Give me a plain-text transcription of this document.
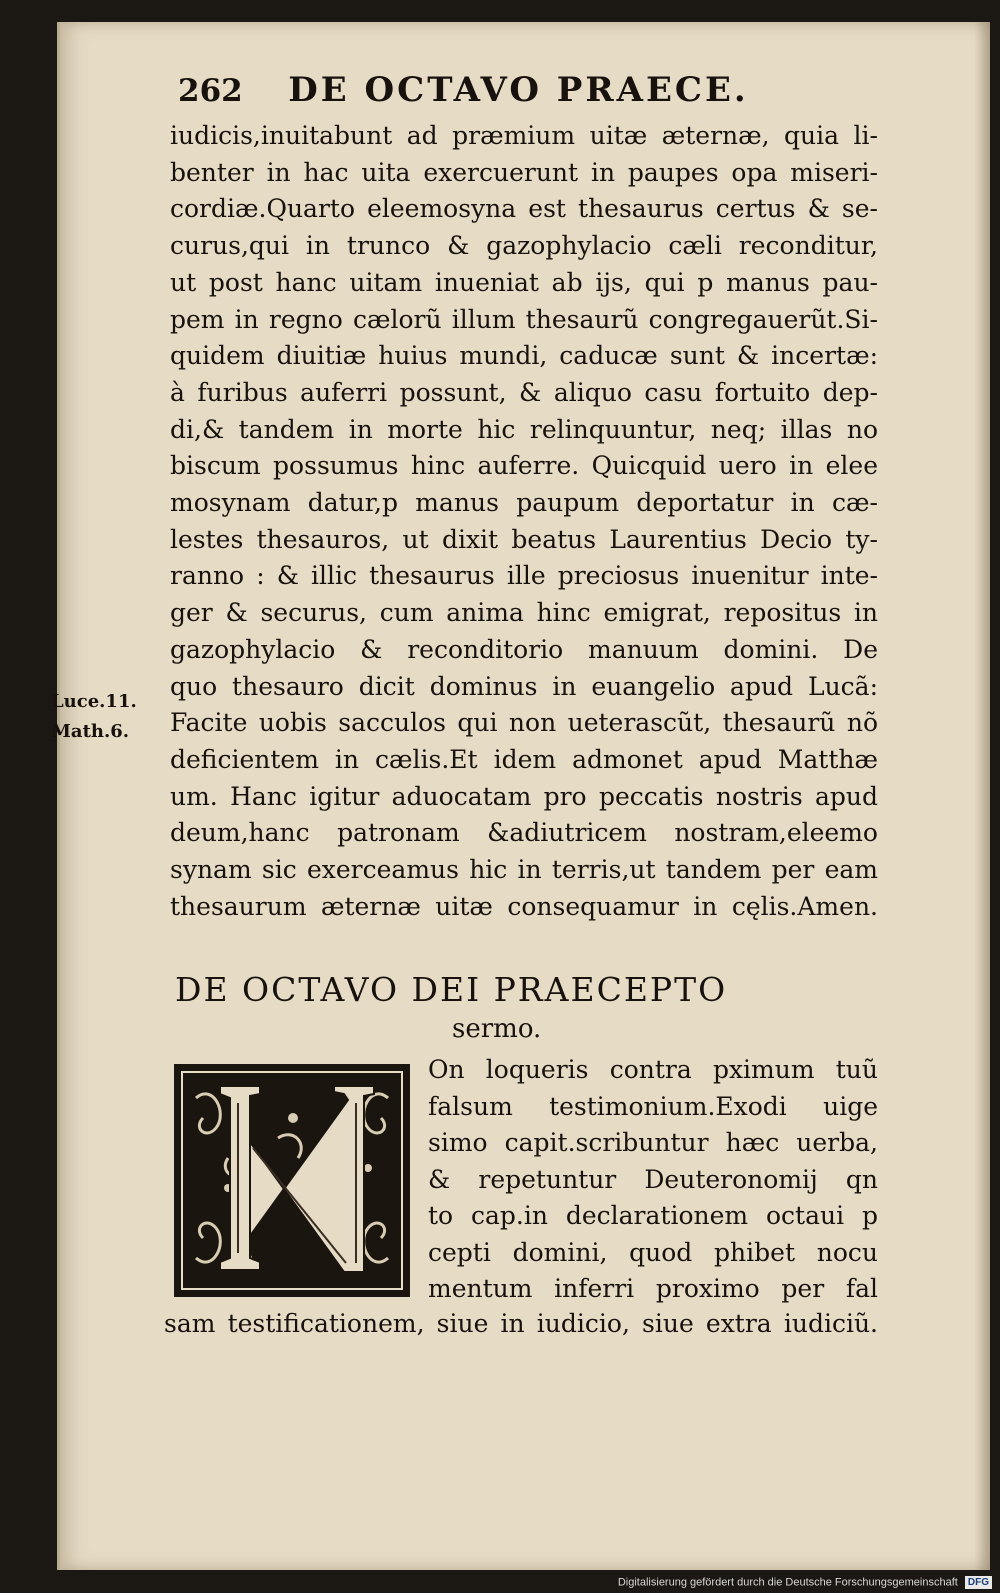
262 DE OCTAVO PRAECE.
Luce.11.
Math.6.
iudicis,inuitabunt ad præmium uitæ æternæ, quia li-
benter in hac uita exercuerunt in paupes opa miseri-
cordiæ.Quarto eleemosyna est thesaurus certus & se-
curus,qui in trunco & gazophylacio cæli reconditur,
ut post hanc uitam inueniat ab ijs, qui p manus pau-
pem in regno cælorũ illum thesaurũ congregauerũt.Si-
quidem diuitiæ huius mundi, caducæ sunt & incertæ:
à furibus auferri possunt, & aliquo casu fortuito dep-
di,& tandem in morte hic relinquuntur, neq; illas no
biscum possumus hinc auferre. Quicquid uero in elee
mosynam datur,p manus paupum deportatur in cæ-
lestes thesauros, ut dixit beatus Laurentius Decio ty-
ranno : & illic thesaurus ille preciosus inuenitur inte-
ger & securus, cum anima hinc emigrat, repositus in
gazophylacio & reconditorio manuum domini. De
quo thesauro dicit dominus in euangelio apud Lucã:
Facite uobis sacculos qui non ueterascũt, thesaurũ nõ
deficientem in cælis.Et idem admonet apud Matthæ
um. Hanc igitur aduocatam pro peccatis nostris apud
deum,hanc patronam &adiutricem nostram,eleemo
synam sic exerceamus hic in terris,ut tandem per eam
thesaurum æternæ uitæ consequamur in cęlis.Amen.
DE OCTAVO DEI PRAECEPTO
sermo.
On loqueris contra pximum tuũ
falsum testimonium.Exodi uige
simo capit.scribuntur hæc uerba,
& repetuntur Deuteronomij qn
to cap.in declarationem octaui p
cepti domini, quod phibet nocu
mentum inferri proximo per fal
sam testificationem, siue in iudicio, siue extra iudiciũ.
Digitalisierung gefördert durch die Deutsche Forschungsgemeinschaft DFG
